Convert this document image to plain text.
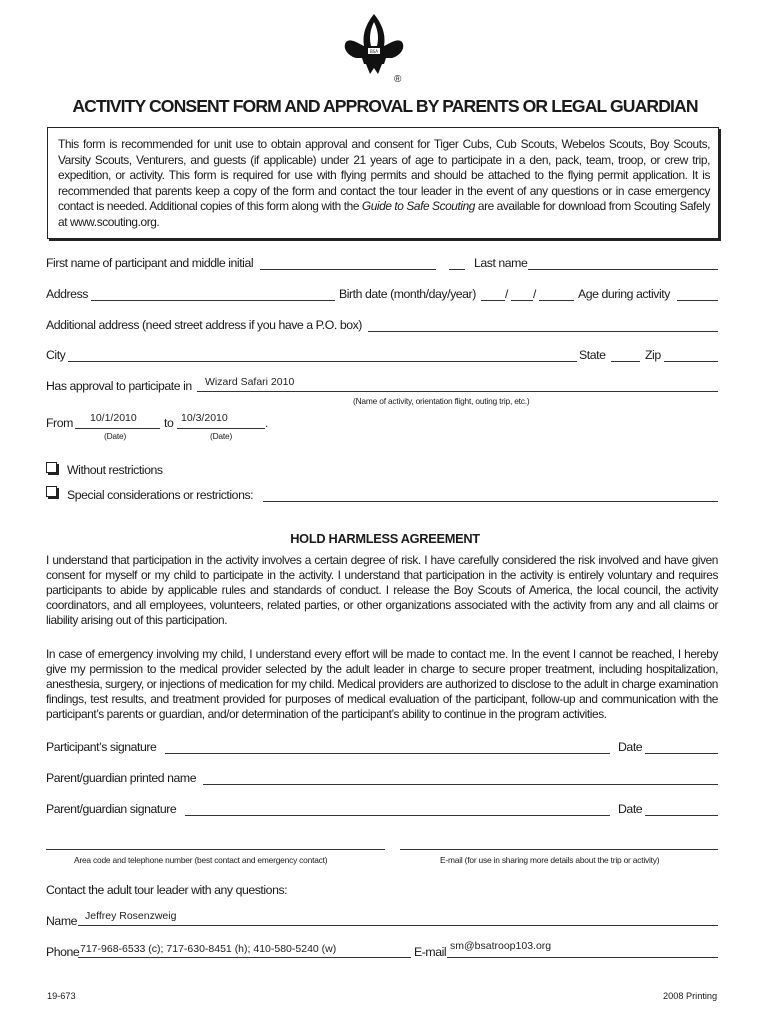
BSA
®
ACTIVITY CONSENT FORM AND APPROVAL BY PARENTS OR LEGAL GUARDIAN
This form is recommended for unit use to obtain approval and consent for Tiger Cubs, Cub Scouts, Webelos Scouts, Boy Scouts, Varsity Scouts, Venturers, and guests (if applicable) under 21 years of age to participate in a den, pack, team, troop, or crew trip, expedition, or activity. This form is required for use with flying permits and should be attached to the flying permit application. It is recommended that parents keep a copy of the form and contact the tour leader in the event of any questions or in case emergency contact is needed. Additional copies of this form along with the Guide to Safe Scouting are available for download from Scouting Safely at www.scouting.org.
First name of participant and middle initial	Last name
Address	Birth date (month/day/year) / /	Age during activity
Additional address (need street address if you have a P.O. box)
City	State	Zip
Has approval to participate in Wizard Safari 2010
(Name of activity, orientation flight, outing trip, etc.)
From 10/1/2010 to 10/3/2010	.
(Date)	(Date)
Without restrictions
Special considerations or restrictions:
HOLD HARMLESS AGREEMENT
I understand that participation in the activity involves a certain degree of risk. I have carefully considered the risk involved and have given consent for myself or my child to participate in the activity. I understand that participation in the activity is entirely voluntary and requires participants to abide by applicable rules and standards of conduct. I release the Boy Scouts of America, the local council, the activity coordinators, and all employees, volunteers, related parties, or other organizations associated with the activity from any and all claims or liability arising out of this participation.
In case of emergency involving my child, I understand every effort will be made to contact me. In the event I cannot be reached, I hereby give my permission to the medical provider selected by the adult leader in charge to secure proper treatment, including hospitalization, anesthesia, surgery, or injections of medication for my child. Medical providers are authorized to disclose to the adult in charge examination findings, test results, and treatment provided for purposes of medical evaluation of the participant, follow-up and communication with the participant’s parents or guardian, and/or determination of the participant’s ability to continue in the program activities.
Participant’s signature	Date
Parent/guardian printed name
Parent/guardian signature	Date
Area code and telephone number (best contact and emergency contact)	E-mail (for use in sharing more details about the trip or activity)
Contact the adult tour leader with any questions:
Name Jeffrey Rosenzweig
Phone 717-968-6533 (c); 717-630-8451 (h); 410-580-5240 (w)	E-mail sm@bsatroop103.org
19-673	2008 Printing
